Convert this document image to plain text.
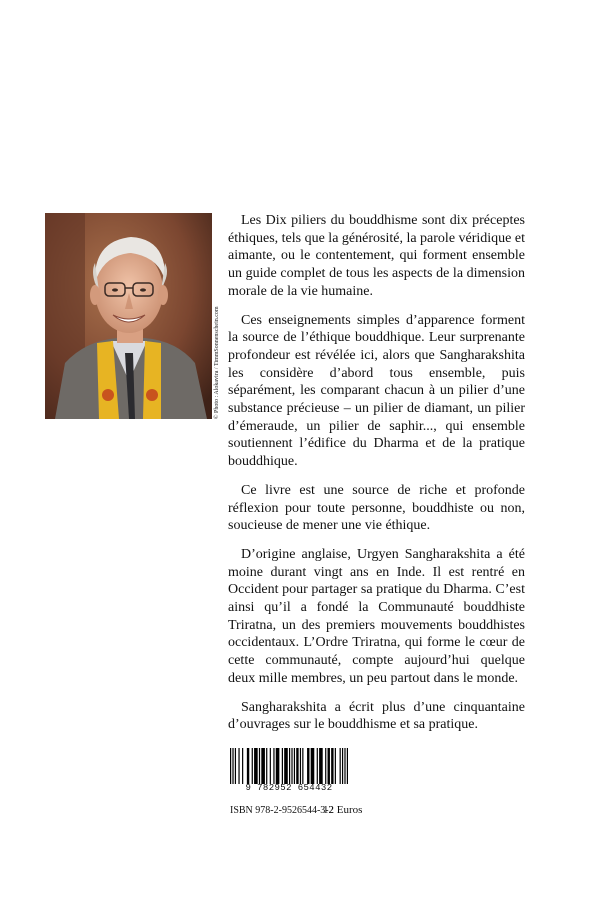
© Photo : Alokavira / TimmSonnenschein.com

Les Dix piliers du bouddhisme sont dix préceptes éthiques, tels que la générosité, la parole véridique et aimante, ou le contentement, qui forment ensemble un guide complet de tous les aspects de la dimension morale de la vie humaine.

Ces enseignements simples d’apparence forment la source de l’éthique bouddhique. Leur surprenante profondeur est révélée ici, alors que Sangharakshita les considère d’abord tous ensemble, puis séparément, les comparant chacun à un pilier d’une substance précieuse – un pilier de diamant, un pilier d’émeraude, un pilier de saphir..., qui ensemble soutiennent l’édifice du Dharma et de la pratique bouddhique.

Ce livre est une source de riche et profonde réflexion pour toute personne, bouddhiste ou non, soucieuse de mener une vie éthique.

D’origine anglaise, Urgyen Sangharakshita a été moine durant vingt ans en Inde. Il est rentré en Occident pour partager sa pratique du Dharma. C’est ainsi qu’il a fondé la Communauté bouddhiste Triratna, un des premiers mouvements bouddhistes occidentaux. L’Ordre Triratna, qui forme le cœur de cette communauté, compte aujourd’hui quelque deux mille membres, un peu partout dans le monde.

Sangharakshita a écrit plus d’une cinquantaine d’ouvrages sur le bouddhisme et sa pratique.

9 782952 654432
ISBN 978-2-9526544-3-2
12 Euros
